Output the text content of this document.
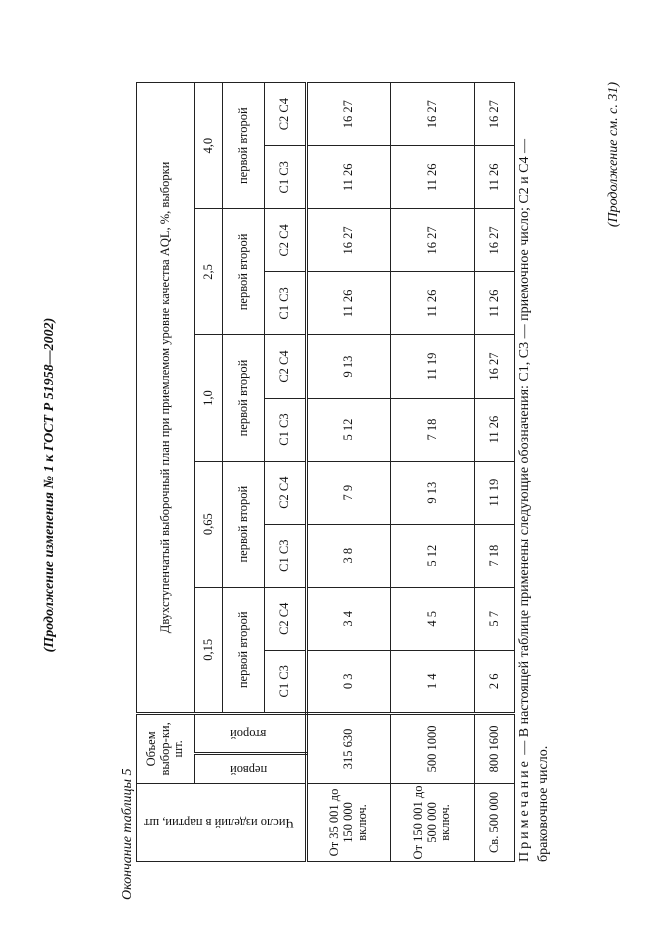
(Продолжение изменения № 1 к ГОСТ Р 51958—2002)
Окончание таблицы 5 Число изделий в партии, шт	Объем выбор-ки, шт.		Двухступенчатый выборочный план при приемлемом уровне качества AQL, %, выборки									
	первой	второй	0,15		0,65		1,0		2,5		4,0	
			первой второй		первой второй		первой второй		первой второй		первой второй	
			С1 С3	С2 С4	С1 С3	С2 С4	С1 С3	С2 С4	С1 С3	С2 С4	С1 С3	С2 С4
От 35 001 до 150 000 включ.	315 630		0 3	3 4	3 8	7 9	5 12	9 13	11 26	16 27	11 26	16 27
От 150 001 до 500 000 включ.	500 1000		1 4	4 5	5 12	9 13	7 18	11 19	11 26	16 27	11 26	16 27
Св. 500 000	800 1600		2 6	5 7	7 18	11 19	11 26	16 27	11 26	16 27	11 26	16 27
Примечание — В настоящей таблице применены следующие обозначения: С1, С3 — приемочное число; С2 и С4 — браковочное число.
(Продолжение см. с. 31)
